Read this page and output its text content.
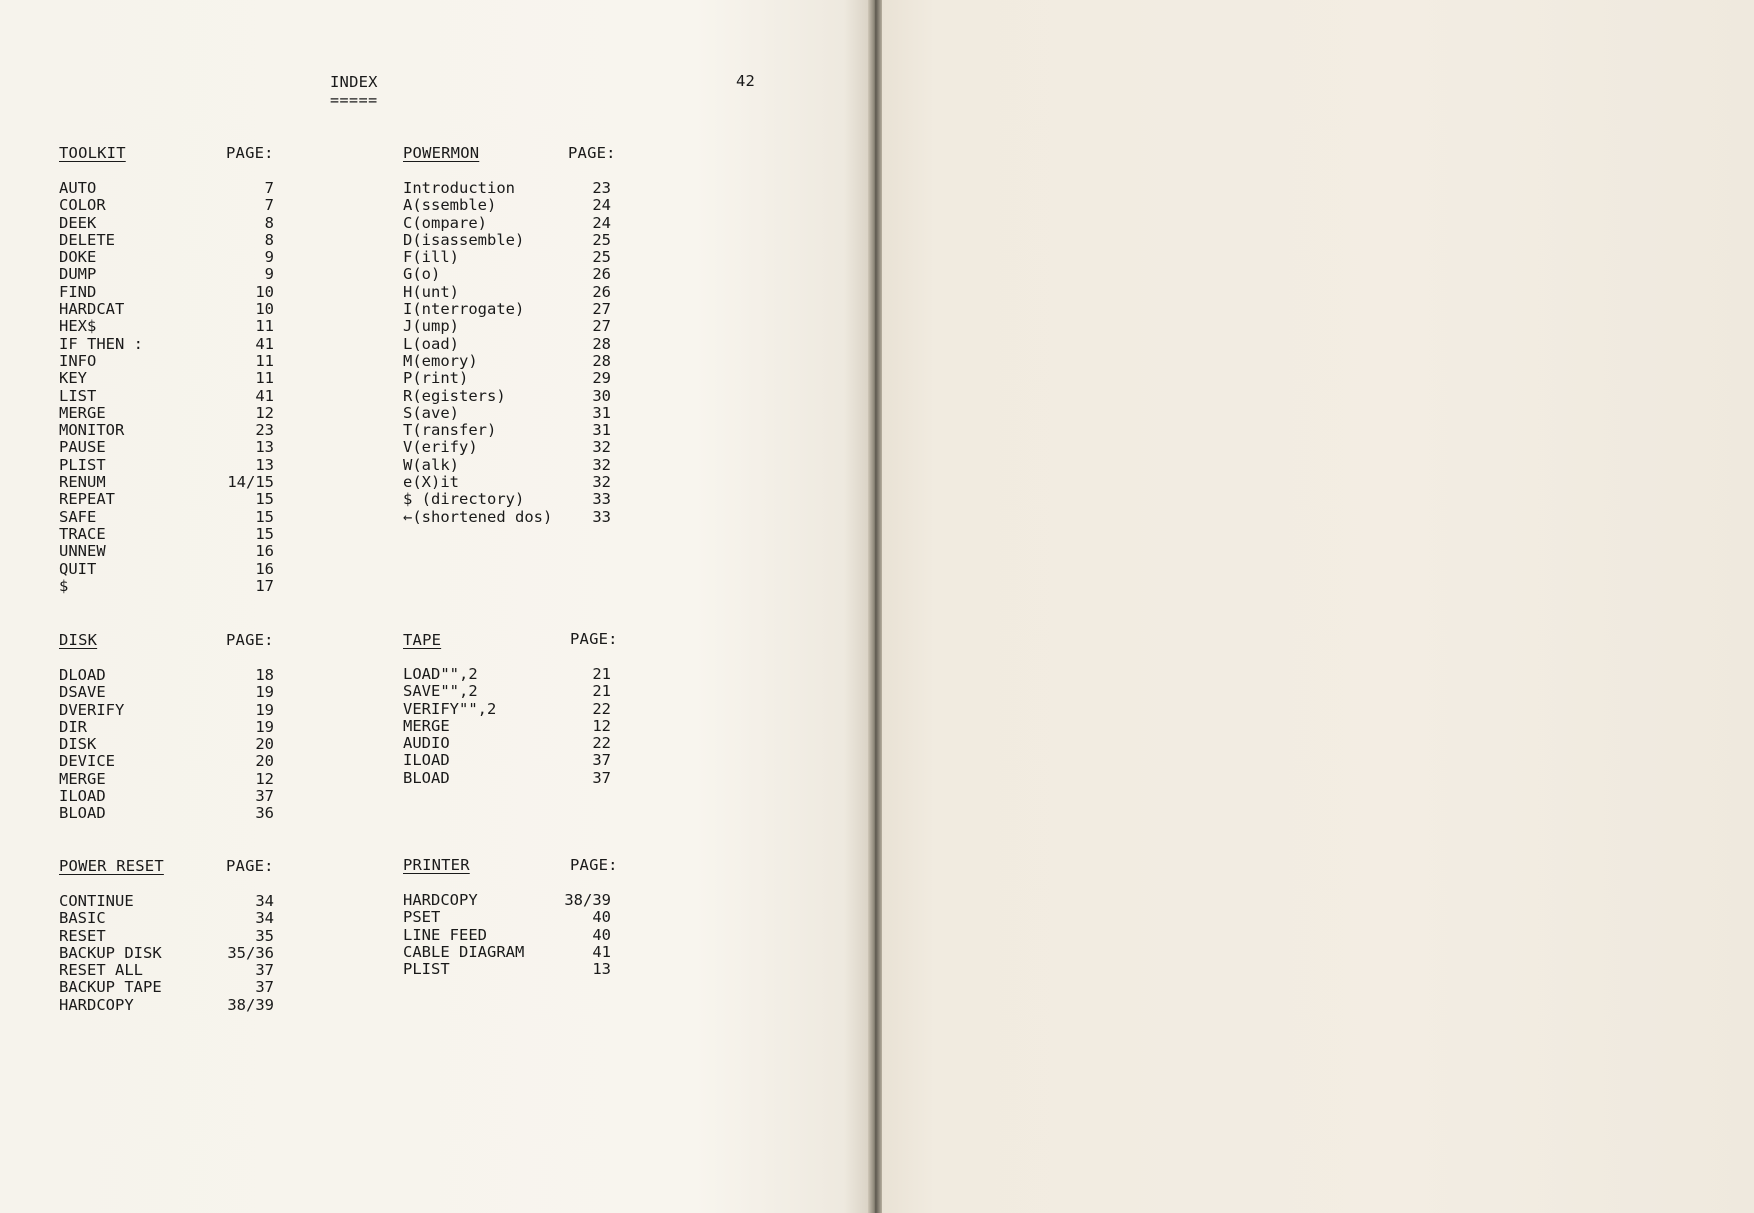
INDEX
=====
42
TOOLKIT	PAGE:
AUTO	7
COLOR	7
DEEK	8
DELETE	8
DOKE	9
DUMP	9
FIND	10
HARDCAT	10
HEX$	11
IF THEN :	41
INFO	11
KEY	11
LIST	41
MERGE	12
MONITOR	23
PAUSE	13
PLIST	13
RENUM	14/15
REPEAT	15
SAFE	15
TRACE	15
UNNEW	16
QUIT	16
$	17
POWERMON	PAGE:
Introduction	23
A(ssemble)	24
C(ompare)	24
D(isassemble)	25
F(ill)	25
G(o)	26
H(unt)	26
I(nterrogate)	27
J(ump)	27
L(oad)	28
M(emory)	28
P(rint)	29
R(egisters)	30
S(ave)	31
T(ransfer)	31
V(erify)	32
W(alk)	32
e(X)it	32
$ (directory)	33
←(shortened dos)	33
DISK	PAGE:
DLOAD	18
DSAVE	19
DVERIFY	19
DIR	19
DISK	20
DEVICE	20
MERGE	12
ILOAD	37
BLOAD	36
TAPE	PAGE:
LOAD"",2	21
SAVE"",2	21
VERIFY"",2	22
MERGE	12
AUDIO	22
ILOAD	37
BLOAD	37
POWER RESET	PAGE:
CONTINUE	34
BASIC	34
RESET	35
BACKUP DISK	35/36
RESET ALL	37
BACKUP TAPE	37
HARDCOPY	38/39
PRINTER	PAGE:
HARDCOPY	38/39
PSET	40
LINE FEED	40
CABLE DIAGRAM	41
PLIST	13
